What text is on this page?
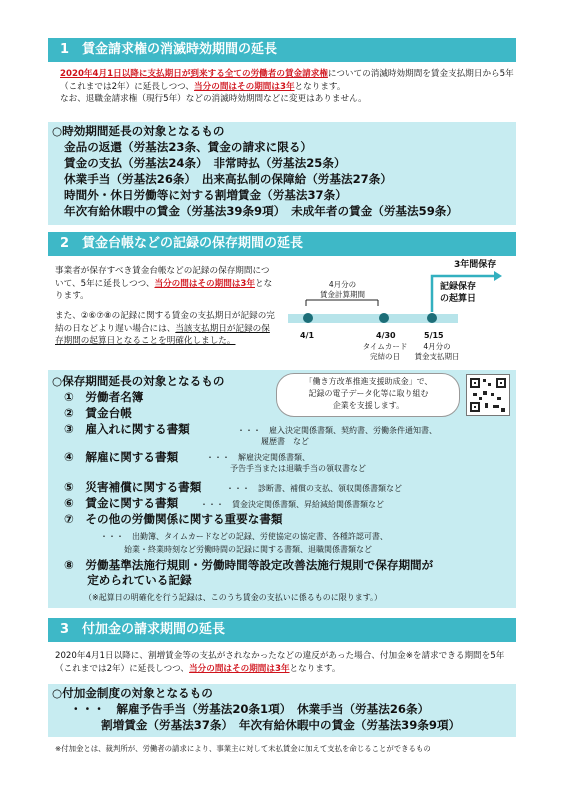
1　賃金請求権の消滅時効期間の延長
2020年4月1日以降に支払期日が到来する全ての労働者の賃金請求権についての消滅時効期間を賃金支払期日から5年（これまでは2年）に延長しつつ、当分の間はその期間は3年となります。
なお、退職金請求権（現行5年）などの消滅時効期間などに変更はありません。
○時効期間延長の対象となるもの
金品の返還（労基法23条、賃金の請求に限る）
賃金の支払（労基法24条）　非常時払（労基法25条）
休業手当（労基法26条）　出来高払制の保障給（労基法27条）
時間外・休日労働等に対する割増賃金（労基法37条）
年次有給休暇中の賃金（労基法39条9項）　未成年者の賃金（労基法59条）
2　賃金台帳などの記録の保存期間の延長
事業者が保存すべき賃金台帳などの記録の保存期間について、5年に延長しつつ、当分の間はその期間は3年となります。
また、②⑥⑦⑧の記録に関する賃金の支払期日が記録の完結の日などより遅い場合には、当該支払期日が記録の保存期間の起算日となることを明確化しました。
4月分の
賃金計算期間
4/1	4/30
タイムカード
完結の日
5/15
4月分の
賃金支払期日
3年間保存
記録保存
の起算日
「働き方改革推進支援助成金」で、
記録の電子データ化等に取り組む
企業を支援します。
○保存期間延長の対象となるもの
①　労働者名簿
②　賃金台帳
③　雇入れに関する書類	・・・　雇入決定関係書類、契約書、労働条件通知書、
　　　履歴書　など
④　解雇に関する書類	・・・　解雇決定関係書類、
　　　予告手当または退職手当の領収書など
⑤　災害補償に関する書類	・・・　診断書、補償の支払、領収関係書類など
⑥　賃金に関する書類	・・・　賃金決定関係書類、昇給減給関係書類など
⑦　その他の労働関係に関する重要な書類
・・・　出勤簿、タイムカードなどの記録、労使協定の協定書、各種許認可書、
　　　始業・終業時刻など労働時間の記録に関する書類、退職関係書類など
⑧　労働基準法施行規則・労働時間等設定改善法施行規則で保存期間が
　　定められている記録
（※起算日の明確化を行う記録は、このうち賃金の支払いに係るものに限ります。）
3　付加金の請求期間の延長
2020年4月1日以降に、割増賃金等の支払がされなかったなどの違反があった場合、付加金※を請求できる期間を5年（これまでは2年）に延長しつつ、当分の間はその期間は3年となります。
○付加金制度の対象となるもの
・・・　解雇予告手当（労基法20条1項）　休業手当（労基法26条）
割増賃金（労基法37条）　年次有給休暇中の賃金（労基法39条9項）
※付加金とは、裁判所が、労働者の請求により、事業主に対して未払賃金に加えて支払を命じることができるもの
